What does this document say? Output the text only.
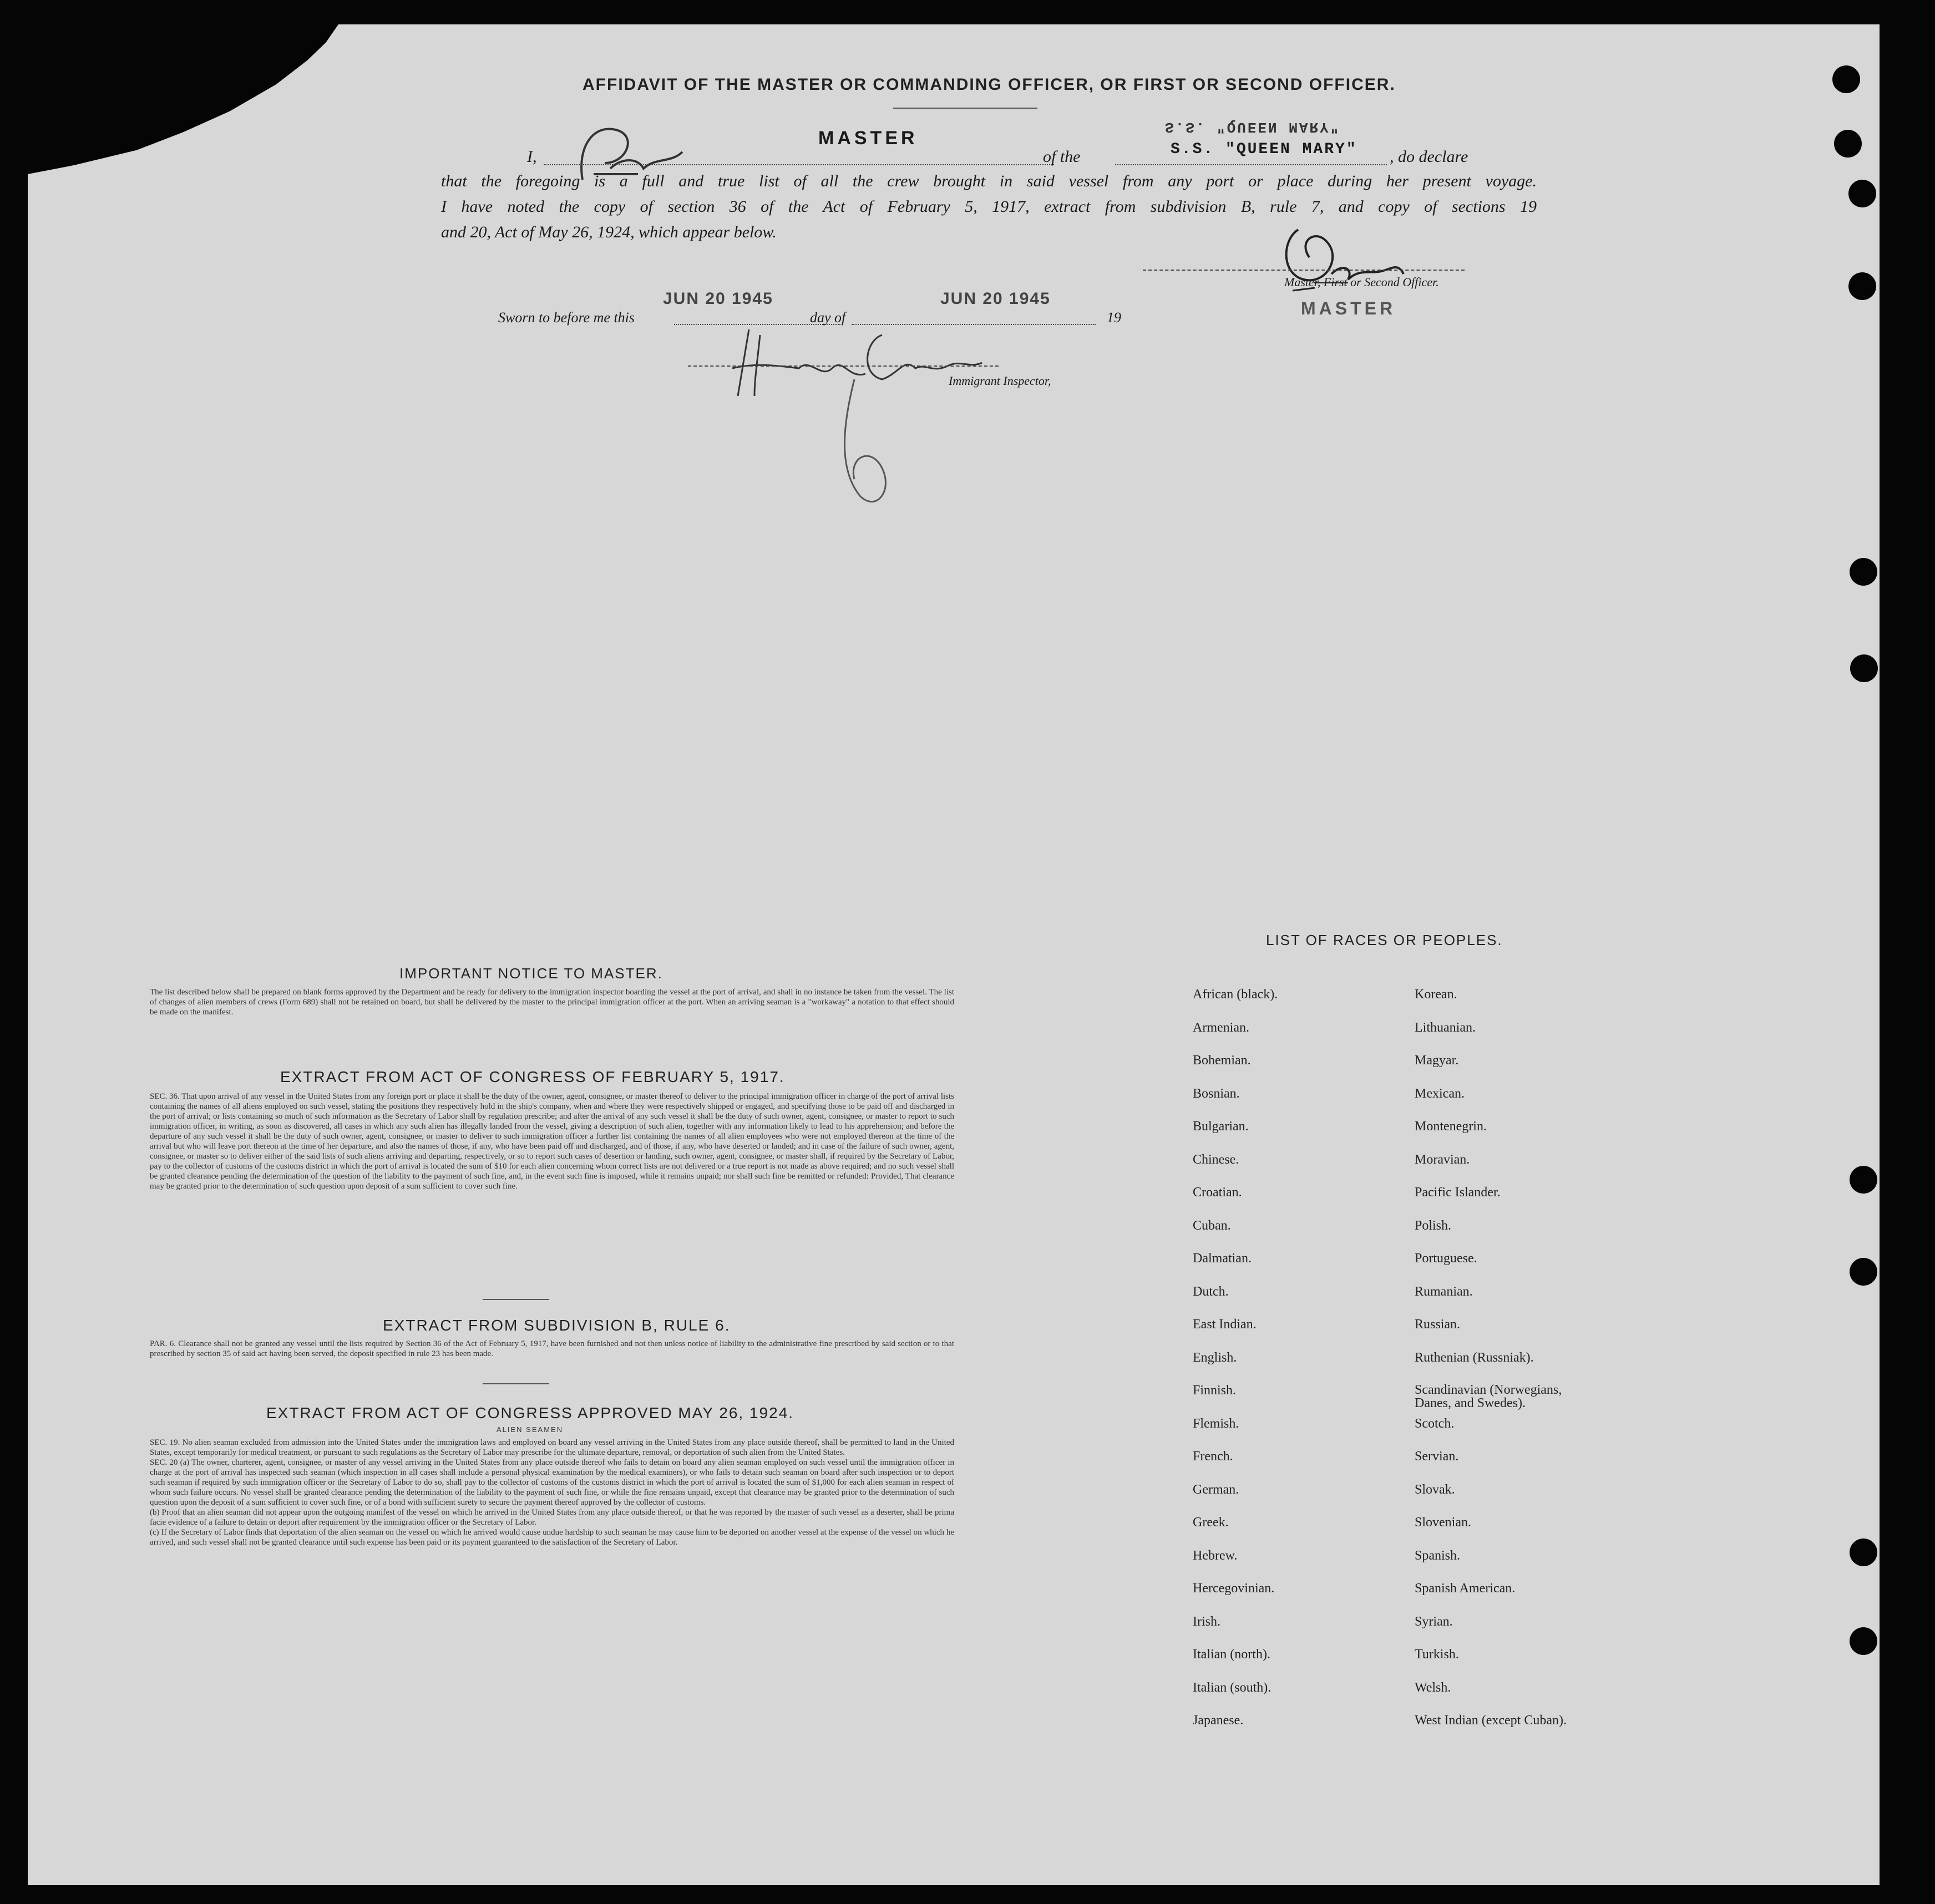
AFFIDAVIT OF THE MASTER OR COMMANDING OFFICER, OR FIRST OR SECOND OFFICER.
I,
MASTER
of the
S.S. "QUEEN MARY"
S.S. "QUEEN MARY" , do declare
that the foregoing is a full and true list of all the crew brought in said vessel from any port or place during her present voyage.
I have noted the copy of section 36 of the Act of February 5, 1917, extract from subdivision B, rule 7, and copy of sections 19
and 20, Act of May 26, 1924, which appear below.
Master, First or Second Officer.
MASTER
Sworn to before me this
JUN 20 1945
day of
JUN 20 1945
19
Immigrant Inspector,
IMPORTANT NOTICE TO MASTER.
The list described below shall be prepared on blank forms approved by the Department and be ready for delivery to the immigration inspector boarding the vessel at the port of arrival, and shall in no instance be taken from the vessel. The list of changes of alien members of crews (Form 689) shall not be retained on board, but shall be delivered by the master to the principal immigration officer at the port. When an arriving seaman is a "workaway" a notation to that effect should be made on the manifest.
EXTRACT FROM ACT OF CONGRESS OF FEBRUARY 5, 1917.
SEC. 36. That upon arrival of any vessel in the United States from any foreign port or place it shall be the duty of the owner, agent, consignee, or master thereof to deliver to the principal immigration officer in charge of the port of arrival lists containing the names of all aliens employed on such vessel, stating the positions they respectively hold in the ship's company, when and where they were respectively shipped or engaged, and specifying those to be paid off and discharged in the port of arrival; or lists containing so much of such information as the Secretary of Labor shall by regulation prescribe; and after the arrival of any such vessel it shall be the duty of such owner, agent, consignee, or master to report to such immigration officer, in writing, as soon as discovered, all cases in which any such alien has illegally landed from the vessel, giving a description of such alien, together with any information likely to lead to his apprehension; and before the departure of any such vessel it shall be the duty of such owner, agent, consignee, or master to deliver to such immigration officer a further list containing the names of all alien employees who were not employed thereon at the time of the arrival but who will leave port thereon at the time of her departure, and also the names of those, if any, who have been paid off and discharged, and of those, if any, who have deserted or landed; and in case of the failure of such owner, agent, consignee, or master so to deliver either of the said lists of such aliens arriving and departing, respectively, or so to report such cases of desertion or landing, such owner, agent, consignee, or master shall, if required by the Secretary of Labor, pay to the collector of customs of the customs district in which the port of arrival is located the sum of $10 for each alien concerning whom correct lists are not delivered or a true report is not made as above required; and no such vessel shall be granted clearance pending the determination of the question of the liability to the payment of such fine, and, in the event such fine is imposed, while it remains unpaid; nor shall such fine be remitted or refunded: Provided, That clearance may be granted prior to the determination of such question upon deposit of a sum sufficient to cover such fine.
EXTRACT FROM SUBDIVISION B, RULE 6.
PAR. 6. Clearance shall not be granted any vessel until the lists required by Section 36 of the Act of February 5, 1917, have been furnished and not then unless notice of liability to the administrative fine prescribed by said section or to that prescribed by section 35 of said act having been served, the deposit specified in rule 23 has been made.
EXTRACT FROM ACT OF CONGRESS APPROVED MAY 26, 1924.
ALIEN SEAMEN
SEC. 19. No alien seaman excluded from admission into the United States under the immigration laws and employed on board any vessel arriving in the United States from any place outside thereof, shall be permitted to land in the United States, except temporarily for medical treatment, or pursuant to such regulations as the Secretary of Labor may prescribe for the ultimate departure, removal, or deportation of such alien from the United States.
SEC. 20 (a) The owner, charterer, agent, consignee, or master of any vessel arriving in the United States from any place outside thereof who fails to detain on board any alien seaman employed on such vessel until the immigration officer in charge at the port of arrival has inspected such seaman (which inspection in all cases shall include a personal physical examination by the medical examiners), or who fails to detain such seaman on board after such inspection or to deport such seaman if required by such immigration officer or the Secretary of Labor to do so, shall pay to the collector of customs of the customs district in which the port of arrival is located the sum of $1,000 for each alien seaman in respect of whom such failure occurs. No vessel shall be granted clearance pending the determination of the liability to the payment of such fine, or while the fine remains unpaid, except that clearance may be granted prior to the determination of such question upon the deposit of a sum sufficient to cover such fine, or of a bond with sufficient surety to secure the payment thereof approved by the collector of customs.
(b) Proof that an alien seaman did not appear upon the outgoing manifest of the vessel on which he arrived in the United States from any place outside thereof, or that he was reported by the master of such vessel as a deserter, shall be prima facie evidence of a failure to detain or deport after requirement by the immigration officer or the Secretary of Labor.
(c) If the Secretary of Labor finds that deportation of the alien seaman on the vessel on which he arrived would cause undue hardship to such seaman he may cause him to be deported on another vessel at the expense of the vessel on which he arrived, and such vessel shall not be granted clearance until such expense has been paid or its payment guaranteed to the satisfaction of the Secretary of Labor.
LIST OF RACES OR PEOPLES.
African (black).
Armenian.
Bohemian.
Bosnian.
Bulgarian.
Chinese.
Croatian.
Cuban.
Dalmatian.
Dutch.
East Indian.
English.
Finnish.
Flemish.
French.
German.
Greek.
Hebrew.
Hercegovinian.
Irish.
Italian (north).
Italian (south).
Japanese.
Korean.
Lithuanian.
Magyar.
Mexican.
Montenegrin.
Moravian.
Pacific Islander.
Polish.
Portuguese.
Rumanian.
Russian.
Ruthenian (Russniak).
Scandinavian (Norwegians, Danes, and Swedes).
Scotch.
Servian.
Slovak.
Slovenian.
Spanish.
Spanish American.
Syrian.
Turkish.
Welsh.
West Indian (except Cuban).
